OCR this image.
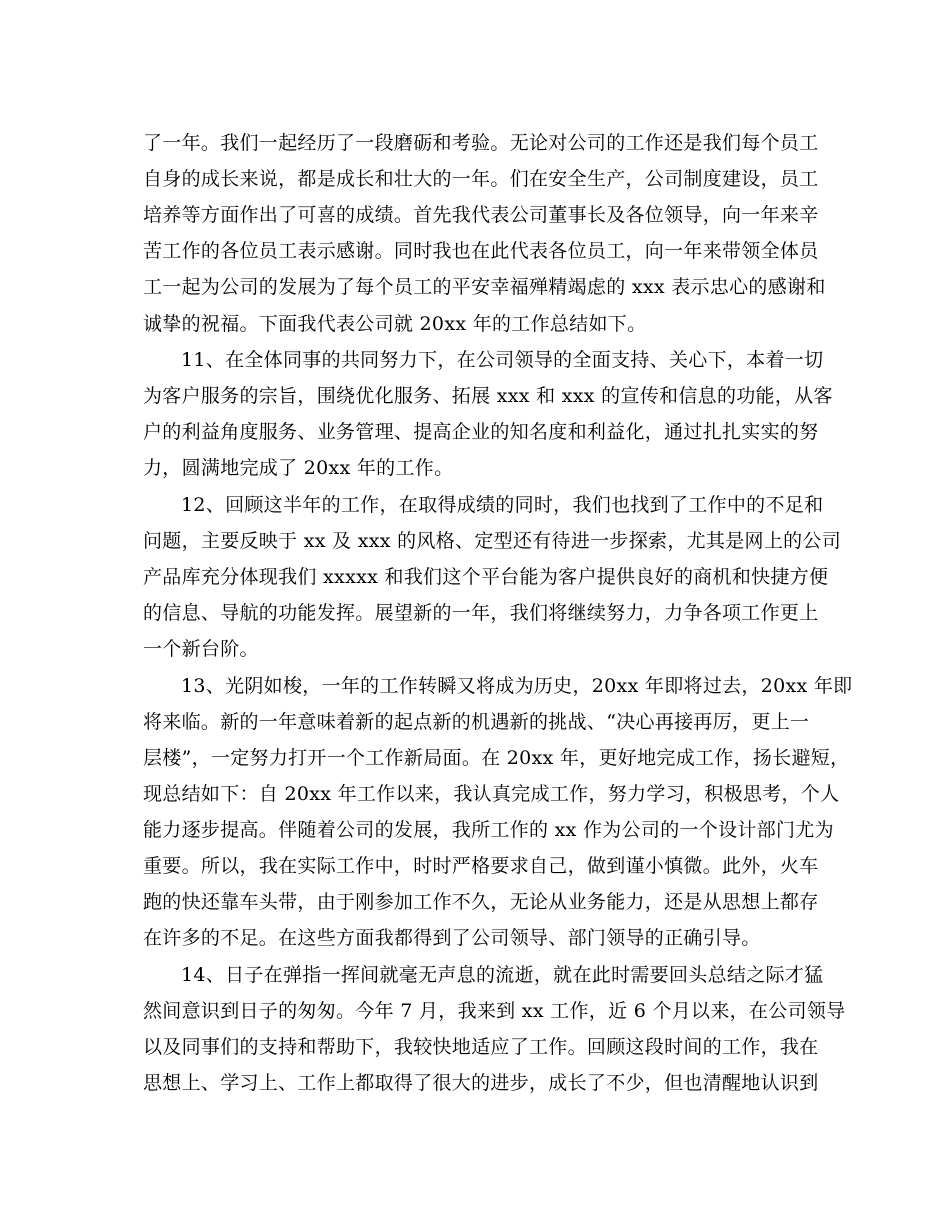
了一年。我们一起经历了一段磨砺和考验。无论对公司的工作还是我们每个员工
自身的成长来说，都是成长和壮大的一年。们在安全生产，公司制度建设，员工
培养等方面作出了可喜的成绩。首先我代表公司董事长及各位领导，向一年来辛
苦工作的各位员工表示感谢。同时我也在此代表各位员工，向一年来带领全体员
工一起为公司的发展为了每个员工的平安幸福殚精竭虑的 xxx 表示忠心的感谢和
诚挚的祝福。下面我代表公司就 20xx 年的工作总结如下。
11、在全体同事的共同努力下，在公司领导的全面支持、关心下，本着一切
为客户服务的宗旨，围绕优化服务、拓展 xxx 和 xxx 的宣传和信息的功能，从客
户的利益角度服务、业务管理、提高企业的知名度和利益化，通过扎扎实实的努
力，圆满地完成了 20xx 年的工作。
12、回顾这半年的工作，在取得成绩的同时，我们也找到了工作中的不足和
问题，主要反映于 xx 及 xxx 的风格、定型还有待进一步探索，尤其是网上的公司
产品库充分体现我们 xxxxx 和我们这个平台能为客户提供良好的商机和快捷方便
的信息、导航的功能发挥。展望新的一年，我们将继续努力，力争各项工作更上
一个新台阶。
13、光阴如梭，一年的工作转瞬又将成为历史，20xx 年即将过去，20xx 年即
将来临。新的一年意味着新的起点新的机遇新的挑战、“决心再接再厉，更上一
层楼”，一定努力打开一个工作新局面。在 20xx 年，更好地完成工作，扬长避短，
现总结如下：自 20xx 年工作以来，我认真完成工作，努力学习，积极思考，个人
能力逐步提高。伴随着公司的发展，我所工作的 xx 作为公司的一个设计部门尤为
重要。所以，我在实际工作中，时时严格要求自己，做到谨小慎微。此外，火车
跑的快还靠车头带，由于刚参加工作不久，无论从业务能力，还是从思想上都存
在许多的不足。在这些方面我都得到了公司领导、部门领导的正确引导。
14、日子在弹指一挥间就毫无声息的流逝，就在此时需要回头总结之际才猛
然间意识到日子的匆匆。今年 7 月，我来到 xx 工作，近 6 个月以来，在公司领导
以及同事们的支持和帮助下，我较快地适应了工作。回顾这段时间的工作，我在
思想上、学习上、工作上都取得了很大的进步，成长了不少，但也清醒地认识到
